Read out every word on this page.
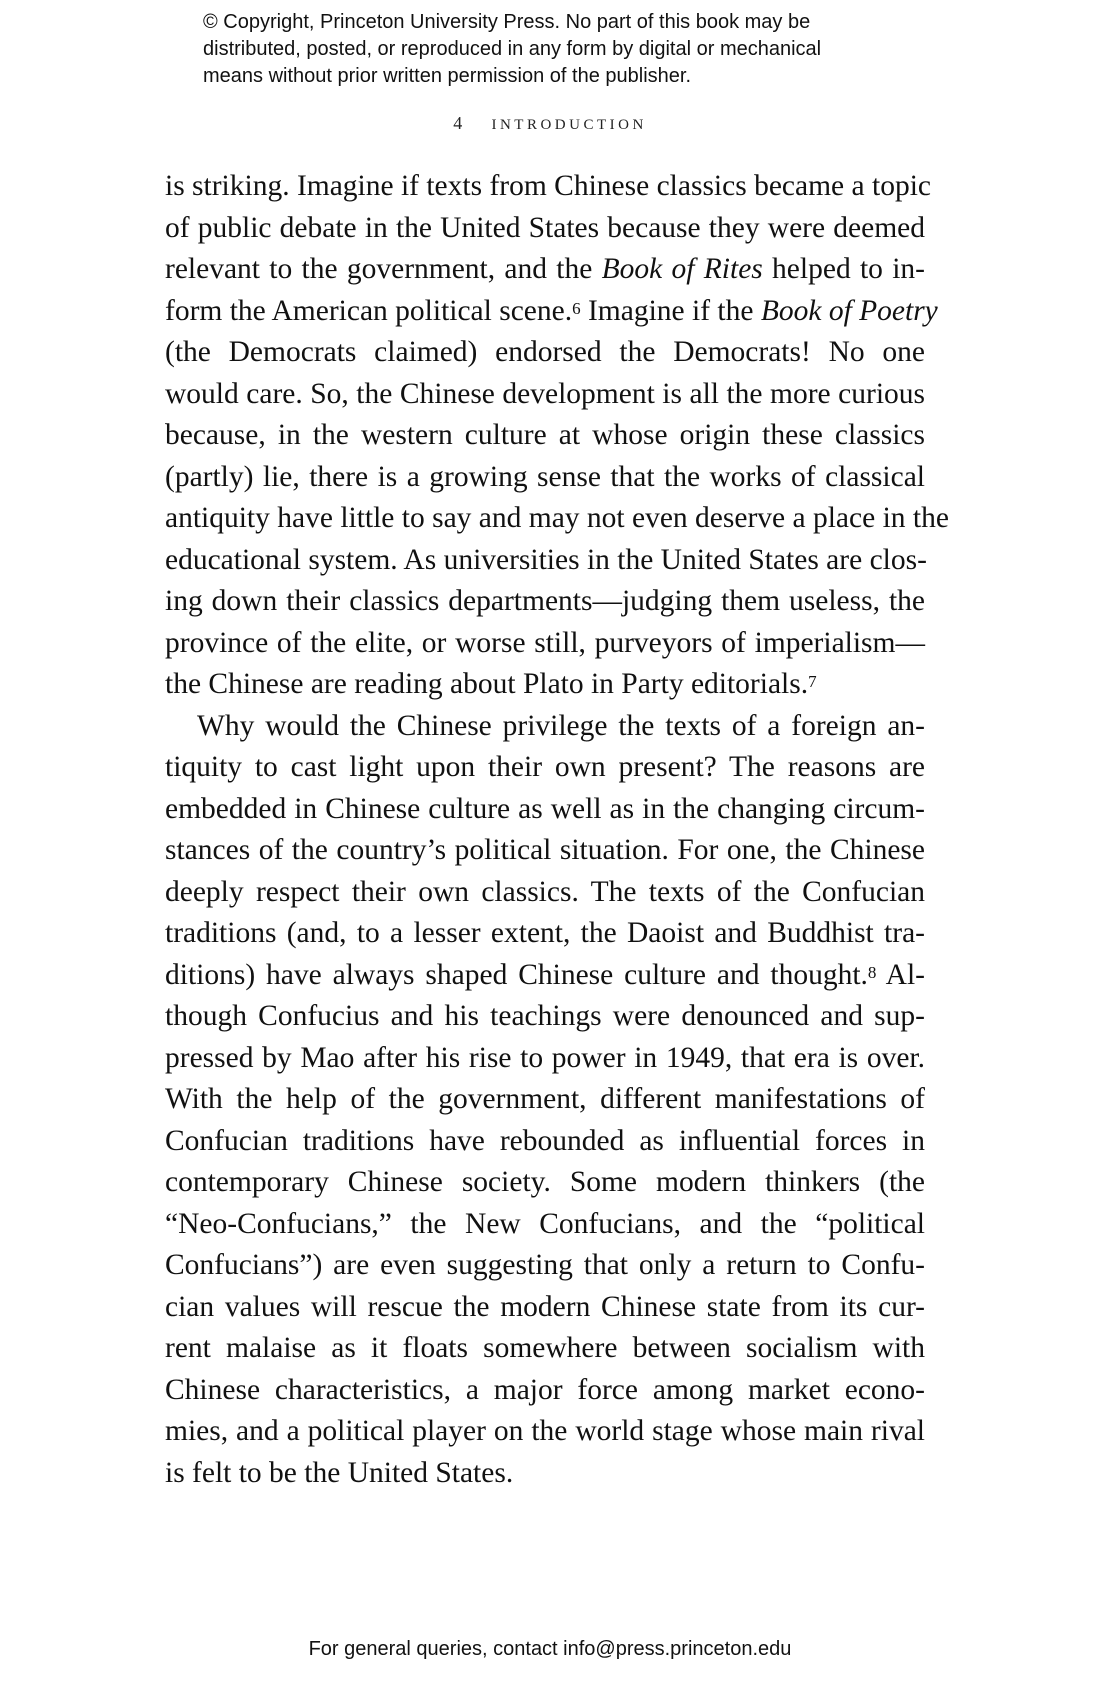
© Copyright, Princeton University Press. No part of this book may be
distributed, posted, or reproduced in any form by digital or mechanical
means without prior written permission of the publisher.
4 INTRODUCTION
is striking. Imagine if texts from Chinese classics became a topic
of public debate in the United States because they were deemed
relevant to the government, and the Book of Rites helped to in-
form the American political scene.$^6$ Imagine if the Book of Poetry
(the Democrats claimed) endorsed the Democrats! No one
would care. So, the Chinese development is all the more curious
because, in the western culture at whose origin these classics
(partly) lie, there is a growing sense that the works of classical
antiquity have little to say and may not even deserve a place in the
educational system. As universities in the United States are clos-
ing down their classics departments—judging them useless, the
province of the elite, or worse still, purveyors of imperialism—
the Chinese are reading about Plato in Party editorials.$^7$
Why would the Chinese privilege the texts of a foreign an-
tiquity to cast light upon their own present? The reasons are
embedded in Chinese culture as well as in the changing circum-
stances of the country’s political situation. For one, the Chinese
deeply respect their own classics. The texts of the Confucian
traditions (and, to a lesser extent, the Daoist and Buddhist tra-
ditions) have always shaped Chinese culture and thought.$^8$ Al-
though Confucius and his teachings were denounced and sup-
pressed by Mao after his rise to power in 1949, that era is over.
With the help of the government, different manifestations of
Confucian traditions have rebounded as influential forces in
contemporary Chinese society. Some modern thinkers (the
“Neo-Confucians,” the New Confucians, and the “political
Confucians”) are even suggesting that only a return to Confu-
cian values will rescue the modern Chinese state from its cur-
rent malaise as it floats somewhere between socialism with
Chinese characteristics, a major force among market econo-
mies, and a political player on the world stage whose main rival
is felt to be the United States.
For general queries, contact info@press.princeton.edu
